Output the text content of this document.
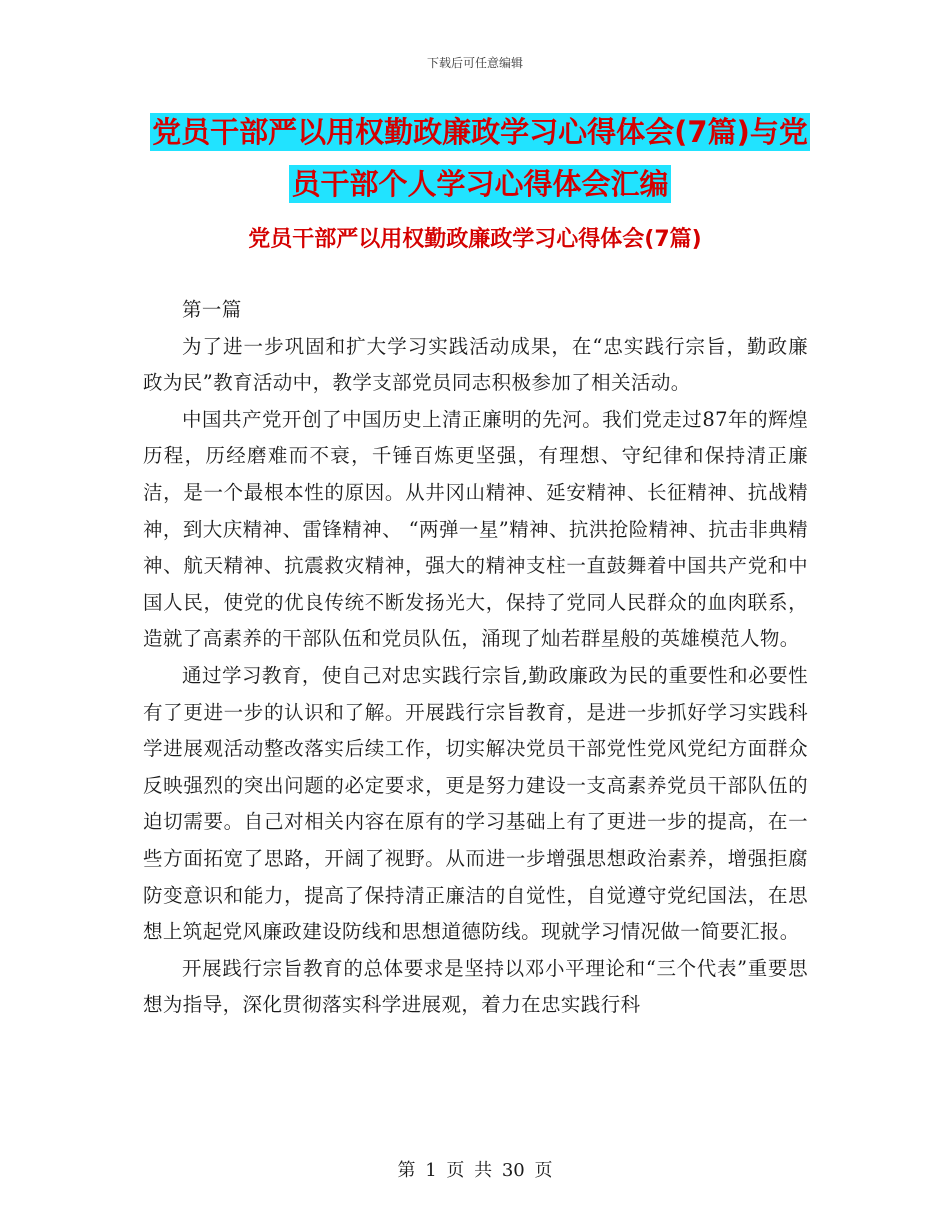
下载后可任意编辑
党员干部严以用权勤政廉政学习心得体会(7篇)与党
员干部个人学习心得体会汇编
党员干部严以用权勤政廉政学习心得体会(7篇)

第一篇

为了进一步巩固和扩大学习实践活动成果，在“忠实践行宗旨，勤政廉政为民”教育活动中，教学支部党员同志积极参加了相关活动。

中国共产党开创了中国历史上清正廉明的先河。我们党走过87年的辉煌历程，历经磨难而不衰，千锤百炼更坚强，有理想、守纪律和保持清正廉洁，是一个最根本性的原因。从井冈山精神、延安精神、长征精神、抗战精神，到大庆精神、雷锋精神、 “两弹一星”精神、抗洪抢险精神、抗击非典精神、航天精神、抗震救灾精神，强大的精神支柱一直鼓舞着中国共产党和中国人民，使党的优良传统不断发扬光大，保持了党同人民群众的血肉联系，造就了高素养的干部队伍和党员队伍，涌现了灿若群星般的英雄模范人物。

通过学习教育，使自己对忠实践行宗旨,勤政廉政为民的重要性和必要性有了更进一步的认识和了解。开展践行宗旨教育，是进一步抓好学习实践科学进展观活动整改落实后续工作，切实解决党员干部党性党风党纪方面群众反映强烈的突出问题的必定要求，更是努力建设一支高素养党员干部队伍的迫切需要。自己对相关内容在原有的学习基础上有了更进一步的提高，在一些方面拓宽了思路，开阔了视野。从而进一步增强思想政治素养，增强拒腐防变意识和能力，提高了保持清正廉洁的自觉性，自觉遵守党纪国法，在思想上筑起党风廉政建设防线和思想道德防线。现就学习情况做一简要汇报。

开展践行宗旨教育的总体要求是坚持以邓小平理论和“三个代表”重要思想为指导，深化贯彻落实科学进展观，着力在忠实践行科

第 1 页 共 30 页
